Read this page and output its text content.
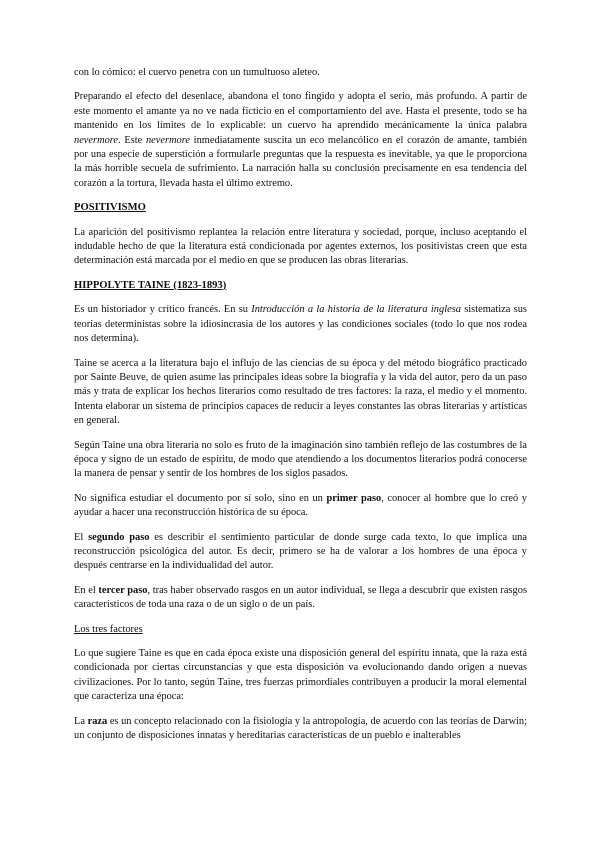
con lo cómico: el cuervo penetra con un tumultuoso aleteo.

Preparando el efecto del desenlace, abandona el tono fingido y adopta el serio, más profundo. A partir de este momento el amante ya no ve nada ficticio en el comportamiento del ave. Hasta el presente, todo se ha mantenido en los límites de lo explicable: un cuervo ha aprendido mecánicamente la única palabra nevermore. Este nevermore inmediatamente suscita un eco melancólico en el corazón de amante, también por una especie de superstición a formularle preguntas que la respuesta es inevitable, ya que le proporciona la más horrible secuela de sufrimiento. La narración halla su conclusión precisamente en esa tendencia del corazón a la tortura, llevada hasta el último extremo.

POSITIVISMO

La aparición del positivismo replantea la relación entre literatura y sociedad, porque, incluso aceptando el indudable hecho de que la literatura está condicionada por agentes externos, los positivistas creen que esta determinación está marcada por el medio en que se producen las obras literarias.

HIPPOLYTE TAINE (1823-1893)

Es un historiador y crítico francés. En su Introducción a la historia de la literatura inglesa sistematiza sus teorías deterministas sobre la idiosincrasia de los autores y las condiciones sociales (todo lo que nos rodea nos determina).

Taine se acerca a la literatura bajo el influjo de las ciencias de su época y del método biográfico practicado por Sainte Beuve, de quien asume las principales ideas sobre la biografía y la vida del autor, pero da un paso más y trata de explicar los hechos literarios como resultado de tres factores: la raza, el medio y el momento. Intenta elaborar un sistema de principios capaces de reducir a leyes constantes las obras literarias y artísticas en general.

Según Taine una obra literaria no solo es fruto de la imaginación sino también reflejo de las costumbres de la época y signo de un estado de espíritu, de modo que atendiendo a los documentos literarios podrá conocerse la manera de pensar y sentir de los hombres de los siglos pasados.

No significa estudiar el documento por sí solo, sino en un primer paso, conocer al hombre que lo creó y ayudar a hacer una reconstrucción histórica de su época.

El segundo paso es describir el sentimiento particular de donde surge cada texto, lo que implica una reconstrucción psicológica del autor. Es decir, primero se ha de valorar a los hombres de una época y después centrarse en la individualidad del autor.

En el tercer paso, tras haber observado rasgos en un autor individual, se llega a descubrir que existen rasgos característicos de toda una raza o de un siglo o de un país.

Los tres factores

Lo que sugiere Taine es que en cada época existe una disposición general del espíritu innata, que la raza está condicionada por ciertas circunstancias y que esta disposición va evolucionando dando origen a nuevas civilizaciones. Por lo tanto, según Taine, tres fuerzas primordiales contribuyen a producir la moral elemental que caracteriza una época:

La raza es un concepto relacionado con la fisiología y la antropología, de acuerdo con las teorías de Darwin; un conjunto de disposiciones innatas y hereditarias características de un pueblo e inalterables
